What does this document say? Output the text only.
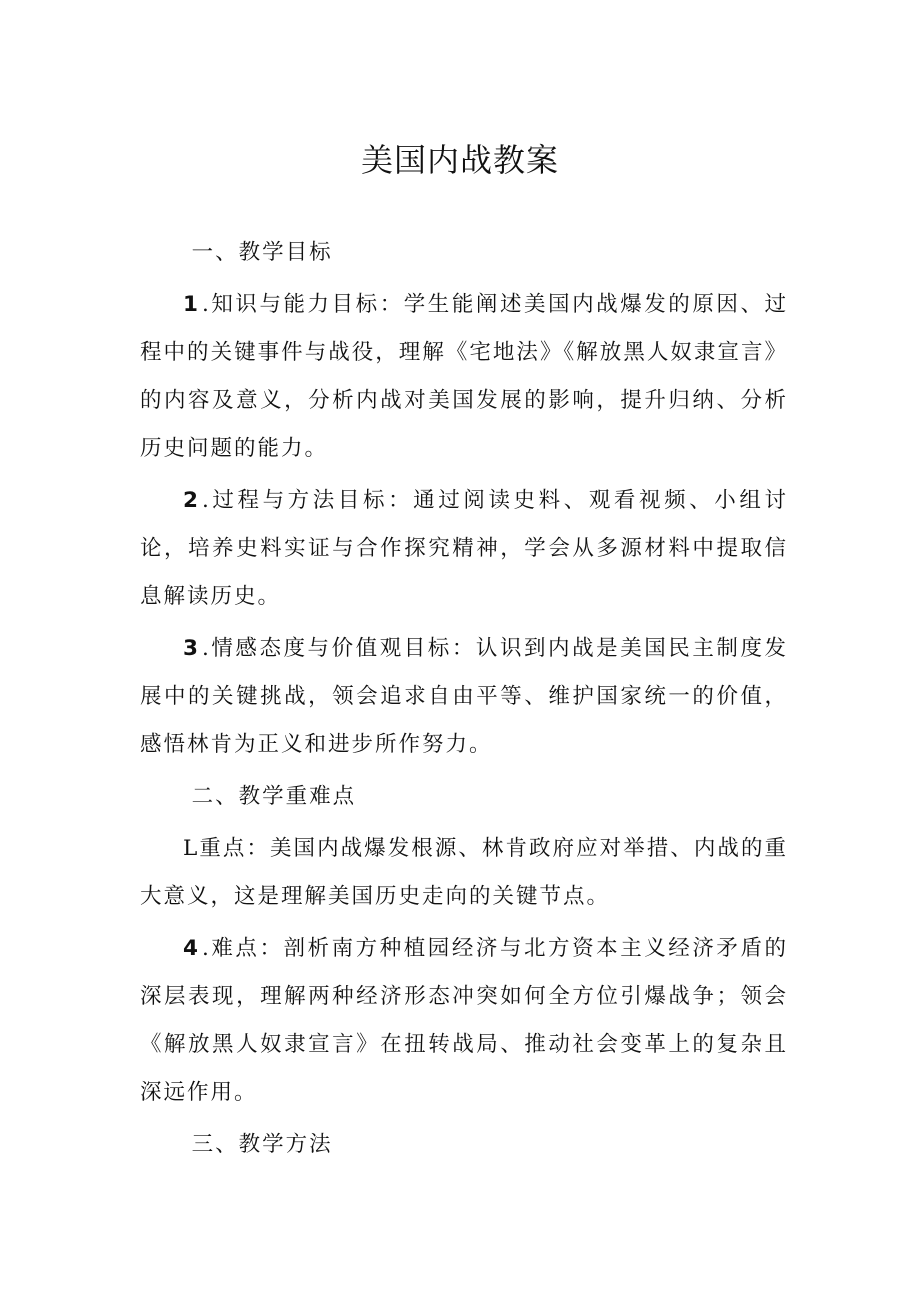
美国内战教案

一、教学目标

1.知识与能力目标：学生能阐述美国内战爆发的原因、过程中的关键事件与战役，理解《宅地法》《解放黑人奴隶宣言》的内容及意义，分析内战对美国发展的影响，提升归纳、分析历史问题的能力。

2.过程与方法目标：通过阅读史料、观看视频、小组讨论，培养史料实证与合作探究精神，学会从多源材料中提取信息解读历史。

3.情感态度与价值观目标：认识到内战是美国民主制度发展中的关键挑战，领会追求自由平等、维护国家统一的价值，感悟林肯为正义和进步所作努力。

二、教学重难点

L重点：美国内战爆发根源、林肯政府应对举措、内战的重大意义，这是理解美国历史走向的关键节点。

4.难点：剖析南方种植园经济与北方资本主义经济矛盾的深层表现，理解两种经济形态冲突如何全方位引爆战争；领会《解放黑人奴隶宣言》在扭转战局、推动社会变革上的复杂且深远作用。

三、教学方法
